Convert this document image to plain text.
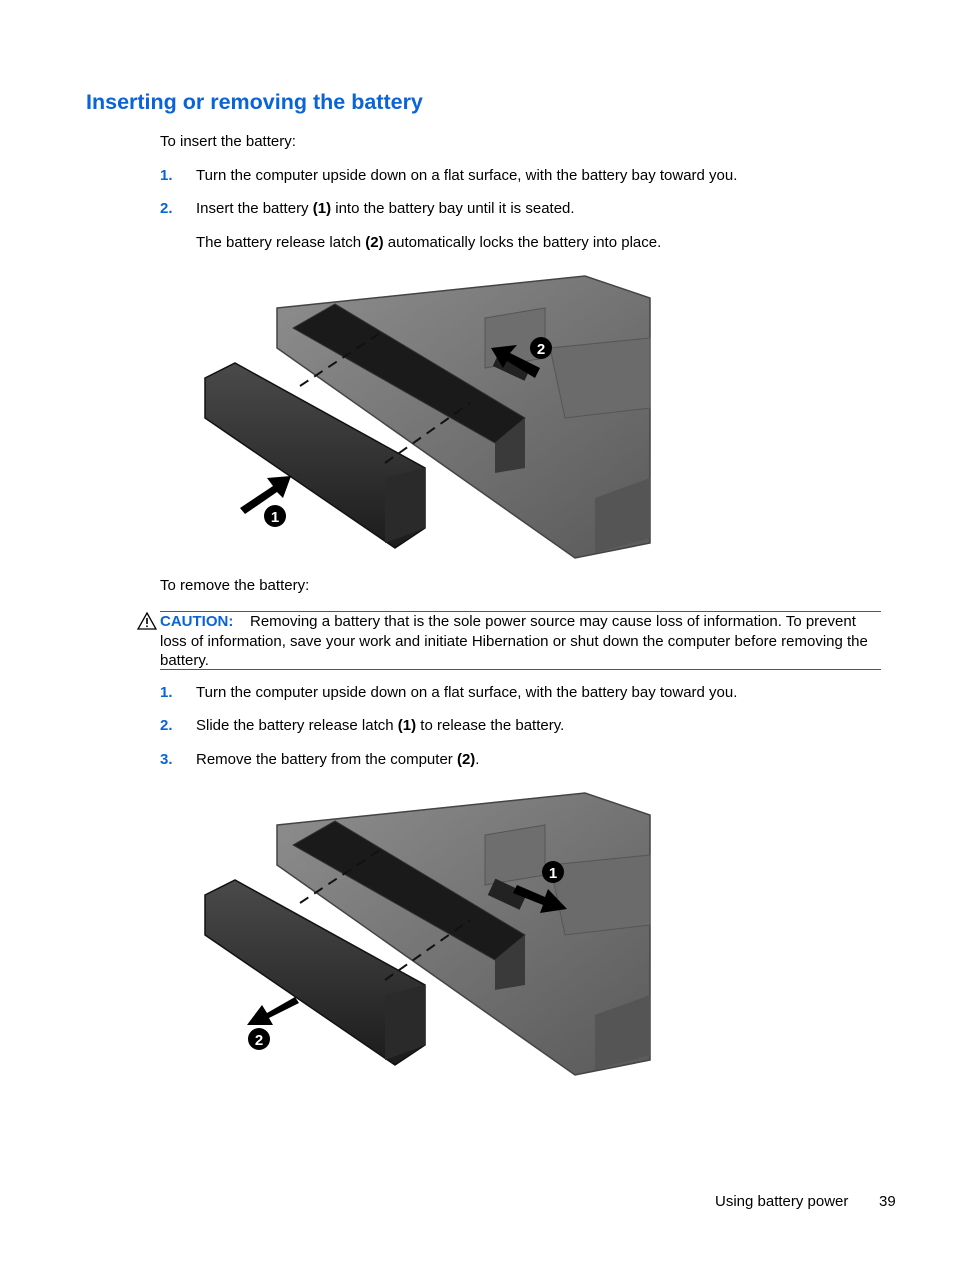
Inserting or removing the battery
To insert the battery:
1. Turn the computer upside down on a flat surface, with the battery bay toward you.
2. Insert the battery (1) into the battery bay until it is seated.
The battery release latch (2) automatically locks the battery into place.
1
2
To remove the battery:
CAUTION: Removing a battery that is the sole power source may cause loss of information. To prevent loss of information, save your work and initiate Hibernation or shut down the computer before removing the battery.
1. Turn the computer upside down on a flat surface, with the battery bay toward you.
2. Slide the battery release latch (1) to release the battery.
3. Remove the battery from the computer (2).
1
2
Using battery power 39
